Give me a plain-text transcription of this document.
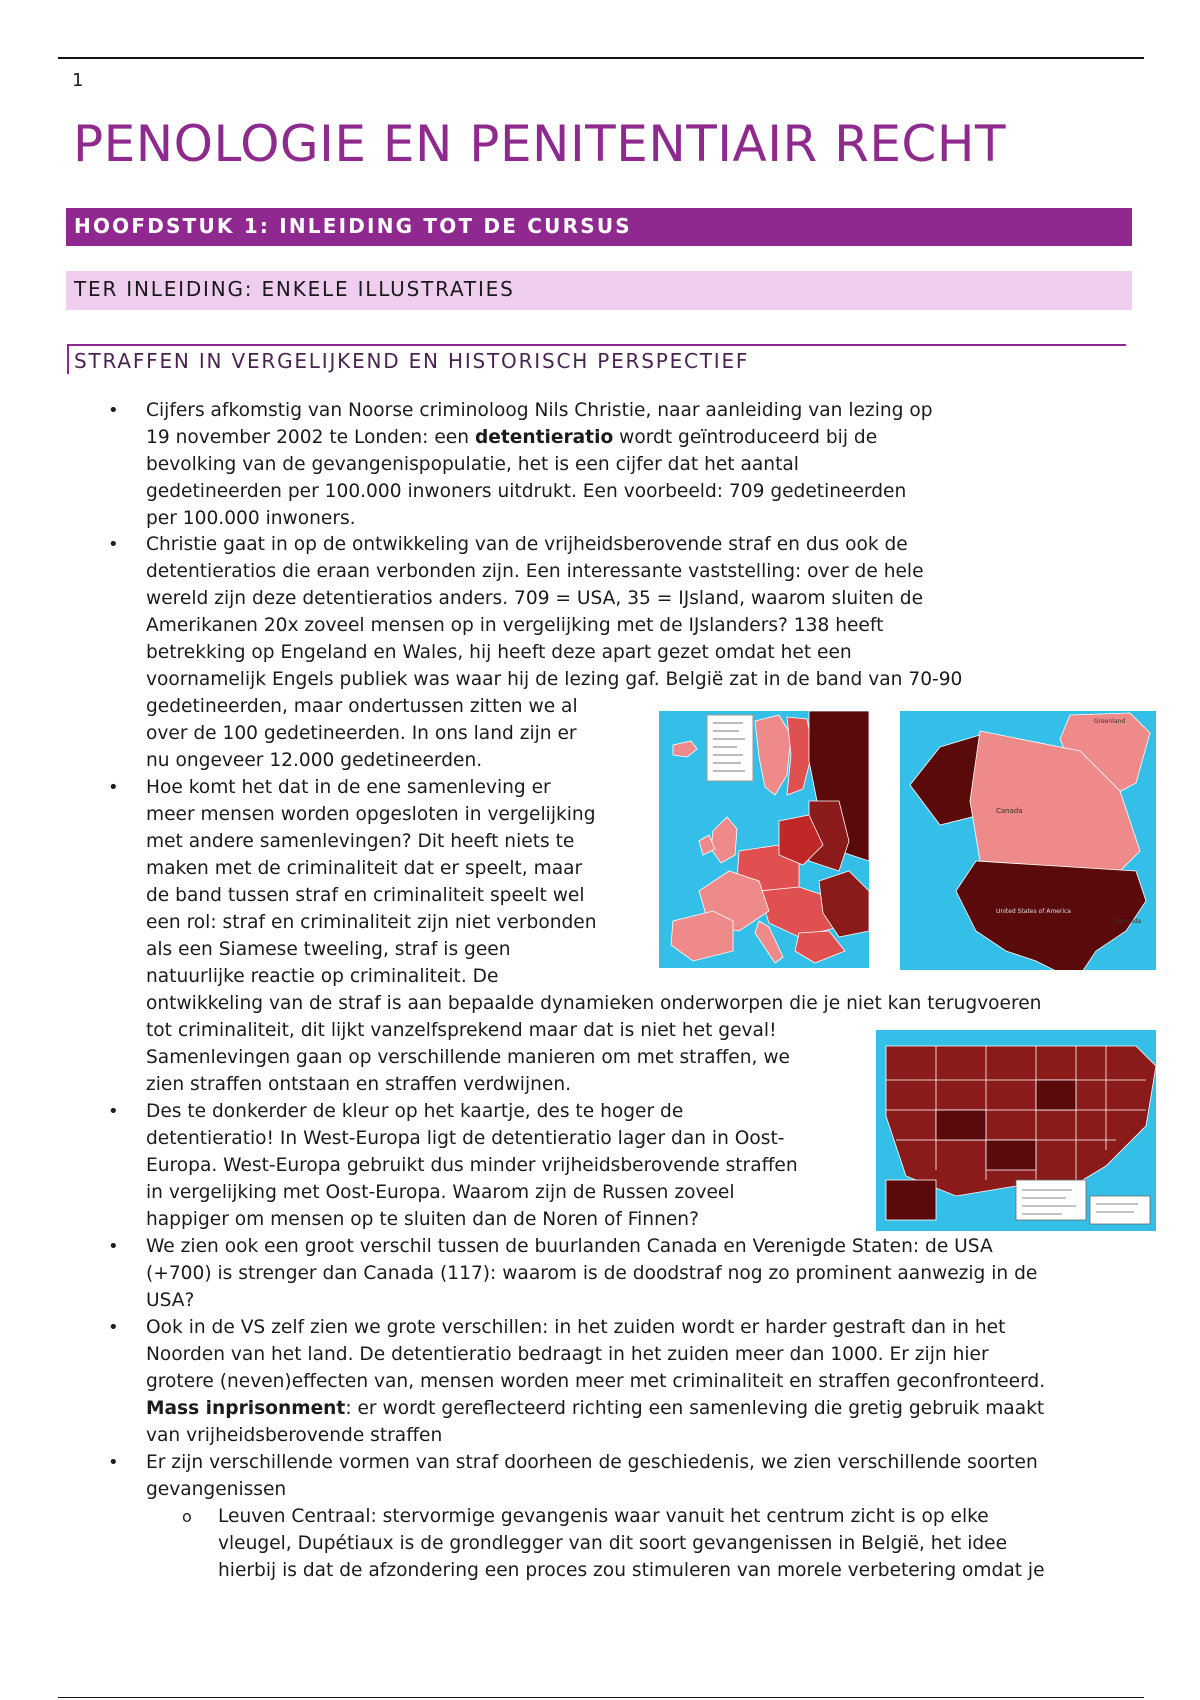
1
PENOLOGIE EN PENITENTIAIR RECHT
HOOFDSTUK 1: INLEIDING TOT DE CURSUS
TER INLEIDING: ENKELE ILLUSTRATIES
STRAFFEN IN VERGELIJKEND EN HISTORISCH PERSPECTIEF
• Cijfers afkomstig van Noorse criminoloog Nils Christie, naar aanleiding van lezing op
19 november 2002 te Londen: een detentieratio wordt geïntroduceerd bij de
bevolking van de gevangenispopulatie, het is een cijfer dat het aantal
gedetineerden per 100.000 inwoners uitdrukt. Een voorbeeld: 709 gedetineerden
per 100.000 inwoners.
• Christie gaat in op de ontwikkeling van de vrijheidsberovende straf en dus ook de
detentieratios die eraan verbonden zijn. Een interessante vaststelling: over de hele
wereld zijn deze detentieratios anders. 709 = USA, 35 = IJsland, waarom sluiten de
Amerikanen 20x zoveel mensen op in vergelijking met de IJslanders? 138 heeft
betrekking op Engeland en Wales, hij heeft deze apart gezet omdat het een
voornamelijk Engels publiek was waar hij de lezing gaf. België zat in de band van 70-90
gedetineerden, maar ondertussen zitten we al
over de 100 gedetineerden. In ons land zijn er
nu ongeveer 12.000 gedetineerden.
• Hoe komt het dat in de ene samenleving er
meer mensen worden opgesloten in vergelijking
met andere samenlevingen? Dit heeft niets te
maken met de criminaliteit dat er speelt, maar
de band tussen straf en criminaliteit speelt wel
een rol: straf en criminaliteit zijn niet verbonden
als een Siamese tweeling, straf is geen
natuurlijke reactie op criminaliteit. De
ontwikkeling van de straf is aan bepaalde dynamieken onderworpen die je niet kan terugvoeren
tot criminaliteit, dit lijkt vanzelfsprekend maar dat is niet het geval!
Samenlevingen gaan op verschillende manieren om met straffen, we
zien straffen ontstaan en straffen verdwijnen.
• Des te donkerder de kleur op het kaartje, des te hoger de
detentieratio! In West-Europa ligt de detentieratio lager dan in Oost-
Europa. West-Europa gebruikt dus minder vrijheidsberovende straffen
in vergelijking met Oost-Europa. Waarom zijn de Russen zoveel
happiger om mensen op te sluiten dan de Noren of Finnen?
• We zien ook een groot verschil tussen de buurlanden Canada en Verenigde Staten: de USA
(+700) is strenger dan Canada (117): waarom is de doodstraf nog zo prominent aanwezig in de
USA?
• Ook in de VS zelf zien we grote verschillen: in het zuiden wordt er harder gestraft dan in het
Noorden van het land. De detentieratio bedraagt in het zuiden meer dan 1000. Er zijn hier
grotere (neven)effecten van, mensen worden meer met criminaliteit en straffen geconfronteerd.
Mass inprisonment: er wordt gereflecteerd richting een samenleving die gretig gebruik maakt
van vrijheidsberovende straffen
• Er zijn verschillende vormen van straf doorheen de geschiedenis, we zien verschillende soorten
gevangenissen
o Leuven Centraal: stervormige gevangenis waar vanuit het centrum zicht is op elke
vleugel, Dupétiaux is de grondlegger van dit soort gevangenissen in België, het idee
hierbij is dat de afzondering een proces zou stimuleren van morele verbetering omdat je
Canada
United States of America
Bermuda
Greenland
